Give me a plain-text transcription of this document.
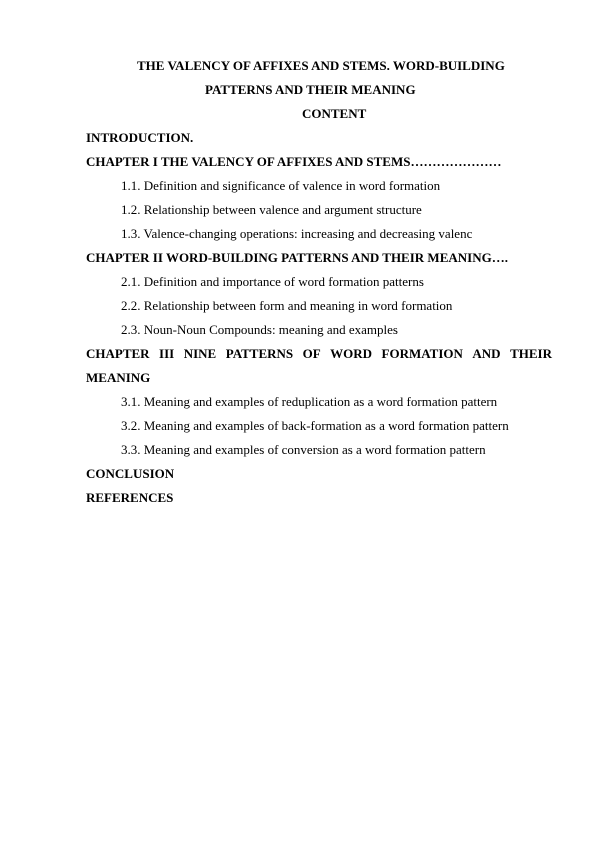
THE VALENCY OF AFFIXES AND STEMS. WORD-BUILDING
PATTERNS AND THEIR MEANING
CONTENT
INTRODUCTION.
CHAPTER I THE VALENCY OF AFFIXES AND STEMS…………………
1.1. Definition and significance of valence in word formation
1.2. Relationship between valence and argument structure
1.3. Valence-changing operations: increasing and decreasing valenc
CHAPTER II WORD-BUILDING PATTERNS AND THEIR MEANING….
2.1. Definition and importance of word formation patterns
2.2. Relationship between form and meaning in word formation
2.3. Noun-Noun Compounds: meaning and examples
CHAPTER III NINE PATTERNS OF WORD FORMATION AND THEIR
MEANING
3.1. Meaning and examples of reduplication as a word formation pattern
3.2. Meaning and examples of back-formation as a word formation pattern
3.3. Meaning and examples of conversion as a word formation pattern
CONCLUSION
REFERENCES
